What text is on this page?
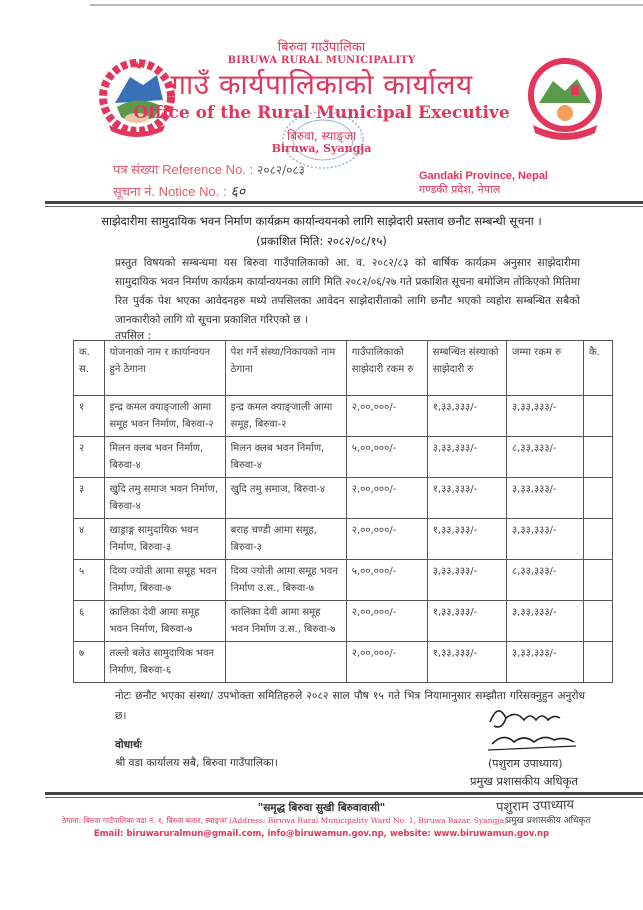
बिरुवा गाउँपालिका
BIRUWA RURAL MUNICIPALITY
गाउँ कार्यपालिकाको कार्यालय
Office of the Rural Municipal Executive
बिरुवा, स्याङ्जा
Biruwa, Syangja
पत्र संख्या Reference No. : २०८२/०८३
सूचना नं. Notice No. : ६०
Gandaki Province, Nepal
गण्डकी प्रदेश, नेपाल
साझेदारीमा सामुदायिक भवन निर्माण कार्यक्रम कार्यान्वयनको लागि साझेदारी प्रस्ताव छनौट सम्बन्धी सूचना ।
(प्रकाशित मिति: २०८२/०८/१५)
प्रस्तुत विषयको सम्बन्धमा यस बिरुवा गाउँपालिकाको आ. व. २०८२/८३ को बार्षिक कार्यक्रम अनुसार साझेदारीमा सामुदायिक भवन निर्माण कार्यक्रम कार्यान्वयनका लागि मिति २०८२/०६/२७ गते प्रकाशित सूचना बमोजिम तोकिएको मितिमा रित पुर्वक पेश भएका आवेदनहरु मध्ये तपसिलका आवेदन साझेदारीताको लागि छनौट भएको व्यहोरा सम्बन्धित सबैको जानकारीको लागि यो सूचना प्रकाशित गरिएको छ ।
तपसिल :
क. स.	योजनाको नाम र कार्यान्वयन हुने ठेगाना	पेश गर्ने संस्था/निकायको नाम ठेगाना	गाउँपालिकाको साझेदारी रकम रु	सम्बन्धित संस्थाको साझेदारी रु	जम्मा रकम रु	कै.
१	इन्द्र कमल क्याङ्जाली आमा समूह भवन निर्माण, बिरुवा-२	इन्द्र कमल क्याङ्जाली आमा समूह, बिरुवा-२	२,००,०००/-	१,३३,३३३/-	३,३३,३३३/-	
२	मिलन क्लब भवन निर्माण, बिरुवा-४	मिलन क्लब भवन निर्माण, बिरुवा-४	५,००,०००/-	३,३३,३३३/-	८,३३,३३३/-	
३	खुदि तमु समाज भवन निर्माण, बिरुवा-४	खुदि तमु समाज, बिरुवा-४	२,००,०००/-	१,३३,३३३/-	३,३३,३३३/-	
४	खाड्राङ्ग सामुदायिक भवन निर्माण, बिरुवा-३	बराह चण्डी आमा समूह, बिरुवा-३	२,००,०००/-	१,३३,३३३/-	३,३३,३३३/-	
५	दिव्य ज्योती आमा समूह भवन निर्माण, बिरुवा-७	दिव्य ज्योती आमा समूह भवन निर्माण उ.स., बिरुवा-७	५,००,०००/-	३,३३,३३३/-	८,३३,३३३/-	
६	कालिका देवी आमा समूह भवन निर्माण, बिरुवा-७	कालिका देवी आमा समूह भवन निर्माण उ.स., बिरुवा-७	२,००,०००/-	१,३३,३३३/-	३,३३,३३३/-	
७	तल्लो बलेउ सामुदायिक भवन निर्माण, बिरुवा-६		२,००,०००/-	१,३३,३३३/-	३,३३,३३३/-	
नोटः छनौट भएका संस्था/ उपभोक्ता समितिहरुले २०८२ साल पौष १५ गते भित्र नियामानुसार सम्झौता गरिसक्नुहुन अनुरोध छ।
वोधार्थः
श्री वडा कार्यालय सबै, बिरुवा गाउँपालिका।	(पशुराम उपाध्याय)
प्रमुख प्रशासकीय अधिकृत
"समृद्ध बिरुवा सुखी बिरुवावासी"
ठेगाना: बिरुवा गाउँपालिका वडा नं. १, बिरुवा बजार, स्याङ्जा (Address: Biruwa Rural Municipality Ward No. 1, Biruwa Bazar, Syangja)
Email: biruwaruralmun@gmail.com, info@biruwamun.gov.np, website: www.biruwamun.gov.np
पशुराम उपाध्याय
प्रमुख प्रशासकीय अधिकृत
